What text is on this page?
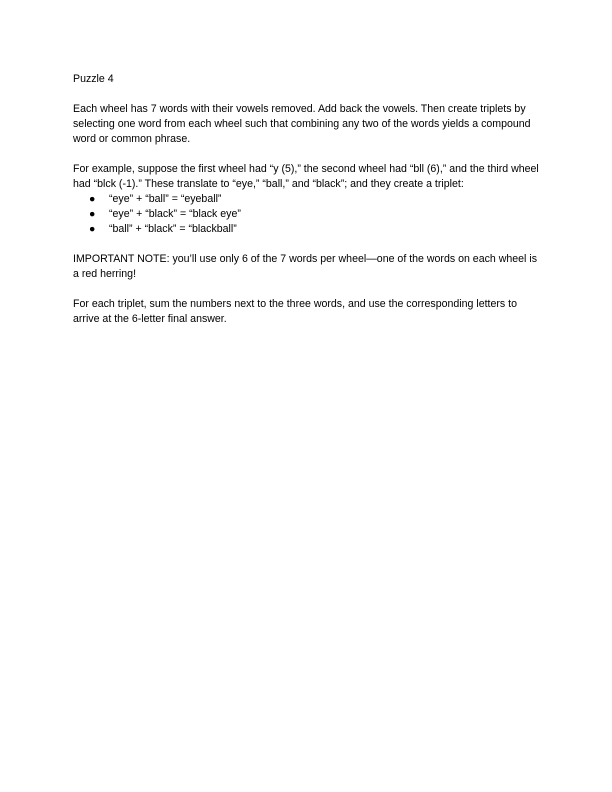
Puzzle 4

Each wheel has 7 words with their vowels removed. Add back the vowels. Then create triplets by selecting one word from each wheel such that combining any two of the words yields a compound word or common phrase.

For example, suppose the first wheel had “y (5),” the second wheel had “bll (6),” and the third wheel had “blck (-1).” These translate to “eye,” “ball,” and “black”; and they create a triplet:

● “eye” + “ball” = “eyeball”
● “eye” + “black” = “black eye”
● “ball” + “black” = “blackball”

IMPORTANT NOTE: you’ll use only 6 of the 7 words per wheel—one of the words on each wheel is a red herring!

For each triplet, sum the numbers next to the three words, and use the corresponding letters to arrive at the 6-letter final answer.
